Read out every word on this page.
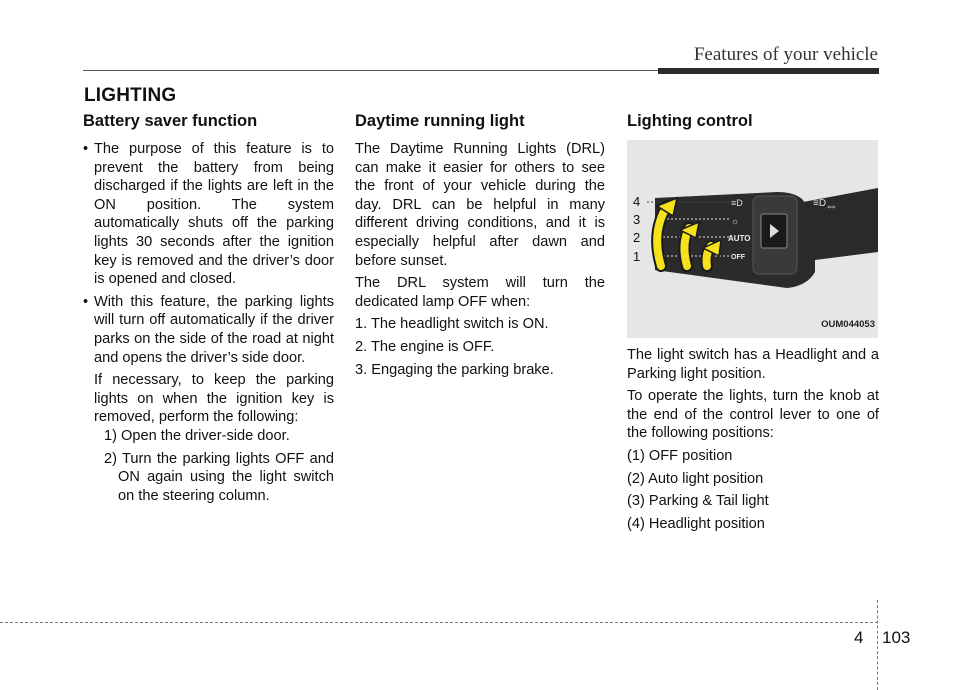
Features of your vehicle
LIGHTING
Battery saver function
• The purpose of this feature is to prevent the battery from being discharged if the lights are left in the ON position. The system automatically shuts off the parking lights 30 seconds after the ignition key is removed and the driver’s door is opened and closed.
• With this feature, the parking lights will turn off automatically if the driver parks on the side of the road at night and opens the driver’s side door.
If necessary, to keep the parking lights on when the ignition key is removed, perform the following:
1) Open the driver-side door.
2) Turn the parking lights OFF and ON again using the light switch on the steering column.
Daytime running light

The Daytime Running Lights (DRL) can make it easier for others to see the front of your vehicle during the day. DRL can be helpful in many different driving conditions, and it is especially helpful after dawn and before sunset.

The DRL system will turn the dedicated lamp OFF when:

1. The headlight switch is ON.

2. The engine is OFF.

3. Engaging the parking brake.

Lighting control
≡D
⇔
≡D
☼
AUTO
OFF
4
3
2
1
OUM044053

The light switch has a Headlight and a Parking light position.

To operate the lights, turn the knob at the end of the control lever to one of the following positions:

(1) OFF position

(2) Auto light position

(3) Parking & Tail light

(4) Headlight position

4 103
